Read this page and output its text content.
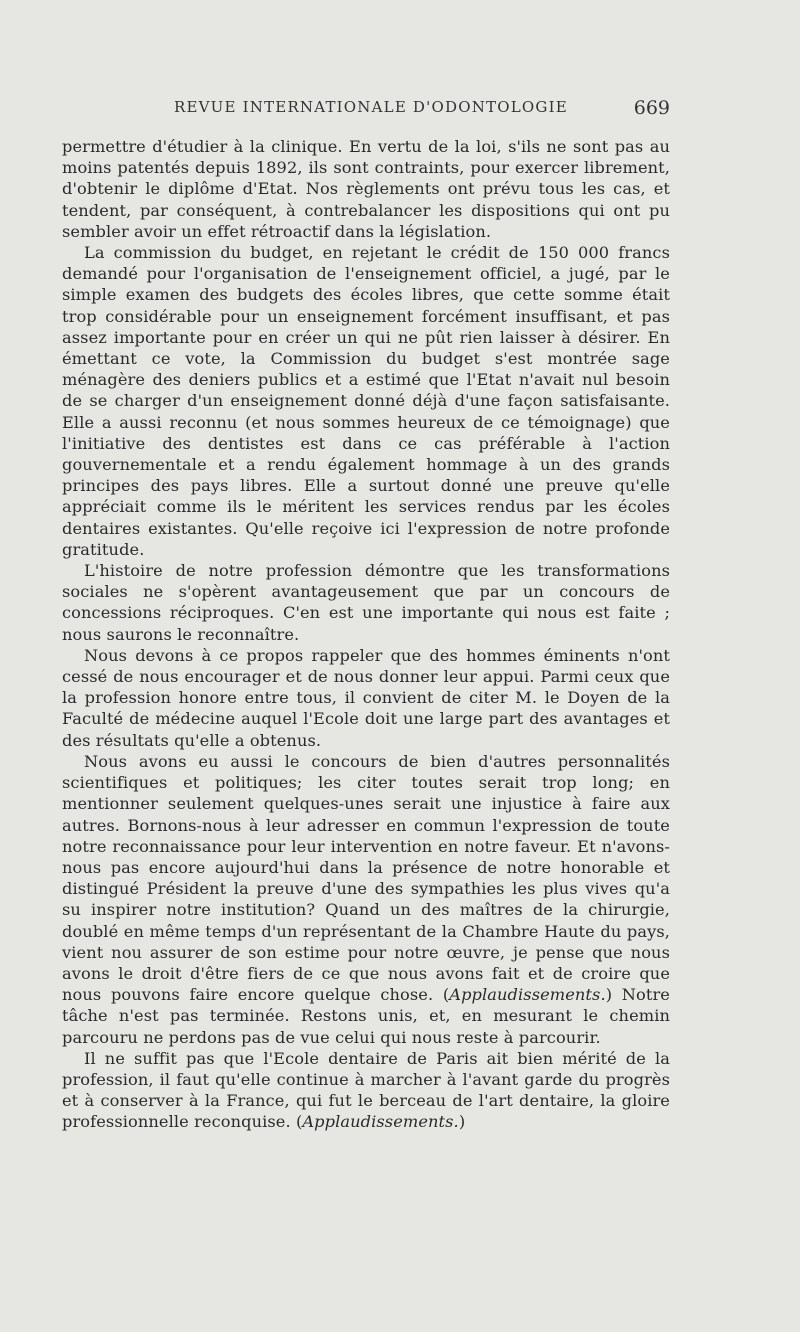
REVUE INTERNATIONALE D'ODONTOLOGIE	669

permettre d'étudier à la clinique. En vertu de la loi, s'ils ne sont pas au moins patentés depuis 1892, ils sont contraints, pour exercer librement, d'obtenir le diplôme d'Etat. Nos règlements ont prévu tous les cas, et tendent, par conséquent, à contrebalancer les dispositions qui ont pu sembler avoir un effet rétroactif dans la législation.

La commission du budget, en rejetant le crédit de 150 000 francs demandé pour l'organisation de l'enseignement officiel, a jugé, par le simple examen des budgets des écoles libres, que cette somme était trop considérable pour un enseignement forcément insuffisant, et pas assez importante pour en créer un qui ne pût rien laisser à désirer. En émettant ce vote, la Commission du budget s'est montrée sage ménagère des deniers publics et a estimé que l'Etat n'avait nul besoin de se charger d'un enseignement donné déjà d'une façon satisfaisante. Elle a aussi reconnu (et nous sommes heureux de ce témoignage) que l'initiative des dentistes est dans ce cas préférable à l'action gouvernementale et a rendu également hommage à un des grands principes des pays libres. Elle a surtout donné une preuve qu'elle appréciait comme ils le méritent les services rendus par les écoles dentaires existantes. Qu'elle reçoive ici l'expression de notre profonde gratitude.

L'histoire de notre profession démontre que les transformations sociales ne s'opèrent avantageusement que par un concours de concessions réciproques. C'en est une importante qui nous est faite ; nous saurons le reconnaître.

Nous devons à ce propos rappeler que des hommes éminents n'ont cessé de nous encourager et de nous donner leur appui. Parmi ceux que la profession honore entre tous, il convient de citer M. le Doyen de la Faculté de médecine auquel l'Ecole doit une large part des avantages et des résultats qu'elle a obtenus.

Nous avons eu aussi le concours de bien d'autres personnalités scientifiques et politiques; les citer toutes serait trop long; en mentionner seulement quelques-unes serait une injustice à faire aux autres. Bornons-nous à leur adresser en commun l'expression de toute notre reconnaissance pour leur intervention en notre faveur. Et n'avons-nous pas encore aujourd'hui dans la présence de notre honorable et distingué Président la preuve d'une des sympathies les plus vives qu'a su inspirer notre institution? Quand un des maîtres de la chirurgie, doublé en même temps d'un représentant de la Chambre Haute du pays, vient nou assurer de son estime pour notre œuvre, je pense que nous avons le droit d'être fiers de ce que nous avons fait et de croire que nous pouvons faire encore quelque chose. (Applaudissements.) Notre tâche n'est pas terminée. Restons unis, et, en mesurant le chemin parcouru ne perdons pas de vue celui qui nous reste à parcourir.

Il ne suffit pas que l'Ecole dentaire de Paris ait bien mérité de la profession, il faut qu'elle continue à marcher à l'avant garde du progrès et à conserver à la France, qui fut le berceau de l'art dentaire, la gloire professionnelle reconquise. (Applaudissements.)
